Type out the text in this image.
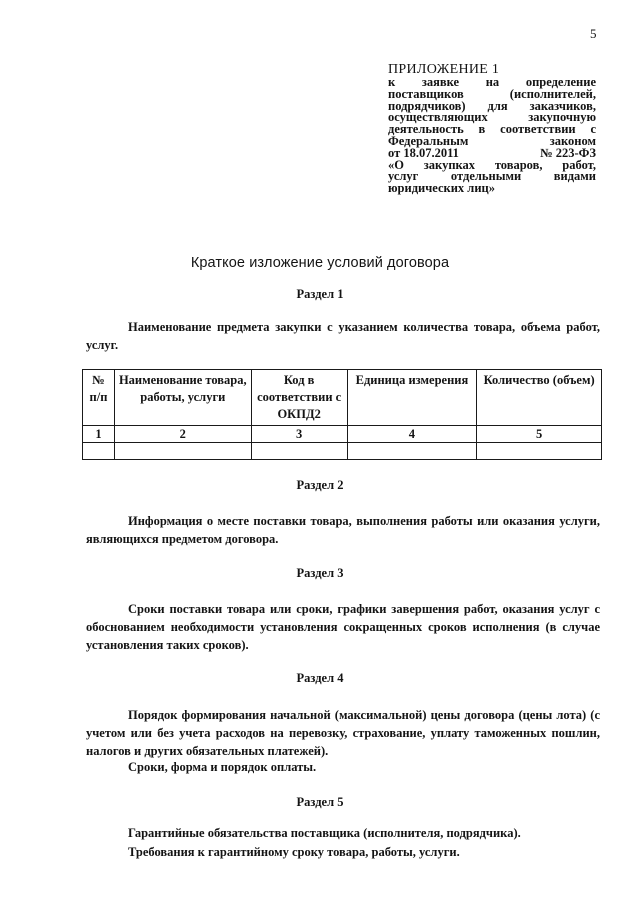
5
ПРИЛОЖЕНИЕ 1
к заявке на определение
поставщиков (исполнителей,
подрядчиков) для заказчиков,
осуществляющих закупочную
деятельность в соответствии с
Федеральным законом
от 18.07.2011	№ 223-ФЗ
«О закупках товаров, работ,
услуг отдельными видами
юридических лиц»
Краткое изложение условий договора
Раздел 1
Наименование предмета закупки с указанием количества товара, объема работ,
услуг.
№ п/п	Наименование товара, работы, услуги	Код в соответствии с ОКПД2	Единица измерения	Количество (объем)
1	2	3	4	5

Раздел 2
Информация о месте поставки товара, выполнения работы или оказания услуги,
являющихся предметом договора.
Раздел 3
Сроки поставки товара или сроки, графики завершения работ, оказания услуг с
обоснованием необходимости установления сокращенных сроков исполнения (в случае
установления таких сроков).
Раздел 4
Порядок формирования начальной (максимальной) цены договора (цены лота) (с
учетом или без учета расходов на перевозку, страхование, уплату таможенных пошлин,
налогов и других обязательных платежей).
Сроки, форма и порядок оплаты.
Раздел 5
Гарантийные обязательства поставщика (исполнителя, подрядчика).
Требования к гарантийному сроку товара, работы, услуги.
